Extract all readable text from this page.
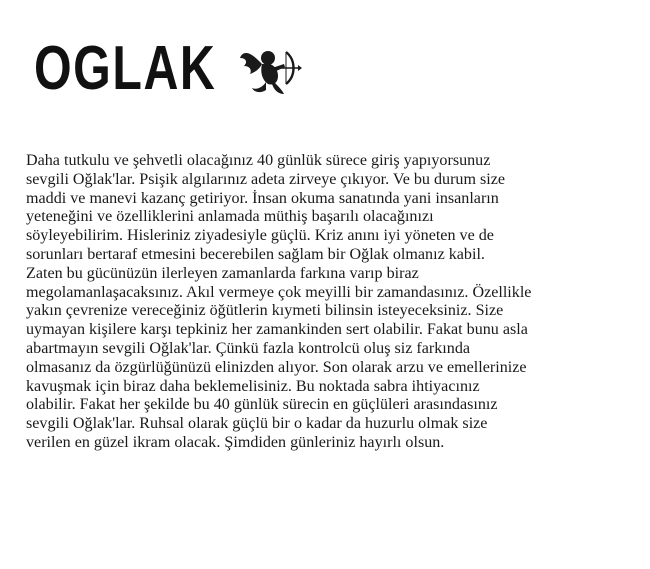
OGLAK
Daha tutkulu ve şehvetli olacağınız 40 günlük sürece giriş yapıyorsunuz
sevgili Oğlak'lar. Psişik algılarınız adeta zirveye çıkıyor. Ve bu durum size
maddi ve manevi kazanç getiriyor. İnsan okuma sanatında yani insanların
yeteneğini ve özelliklerini anlamada müthiş başarılı olacağınızı
söyleyebilirim. Hisleriniz ziyadesiyle güçlü. Kriz anını iyi yöneten ve de
sorunları bertaraf etmesini becerebilen sağlam bir Oğlak olmanız kabil.
Zaten bu gücünüzün ilerleyen zamanlarda farkına varıp biraz
megolamanlaşacaksınız. Akıl vermeye çok meyilli bir zamandasınız. Özellikle
yakın çevrenize vereceğiniz öğütlerin kıymeti bilinsin isteyeceksiniz. Size
uymayan kişilere karşı tepkiniz her zamankinden sert olabilir. Fakat bunu asla
abartmayın sevgili Oğlak'lar. Çünkü fazla kontrolcü oluş siz farkında
olmasanız da özgürlüğünüzü elinizden alıyor. Son olarak arzu ve emellerinize
kavuşmak için biraz daha beklemelisiniz. Bu noktada sabra ihtiyacınız
olabilir. Fakat her şekilde bu 40 günlük sürecin en güçlüleri arasındasınız
sevgili Oğlak'lar. Ruhsal olarak güçlü bir o kadar da huzurlu olmak size
verilen en güzel ikram olacak. Şimdiden günleriniz hayırlı olsun.
